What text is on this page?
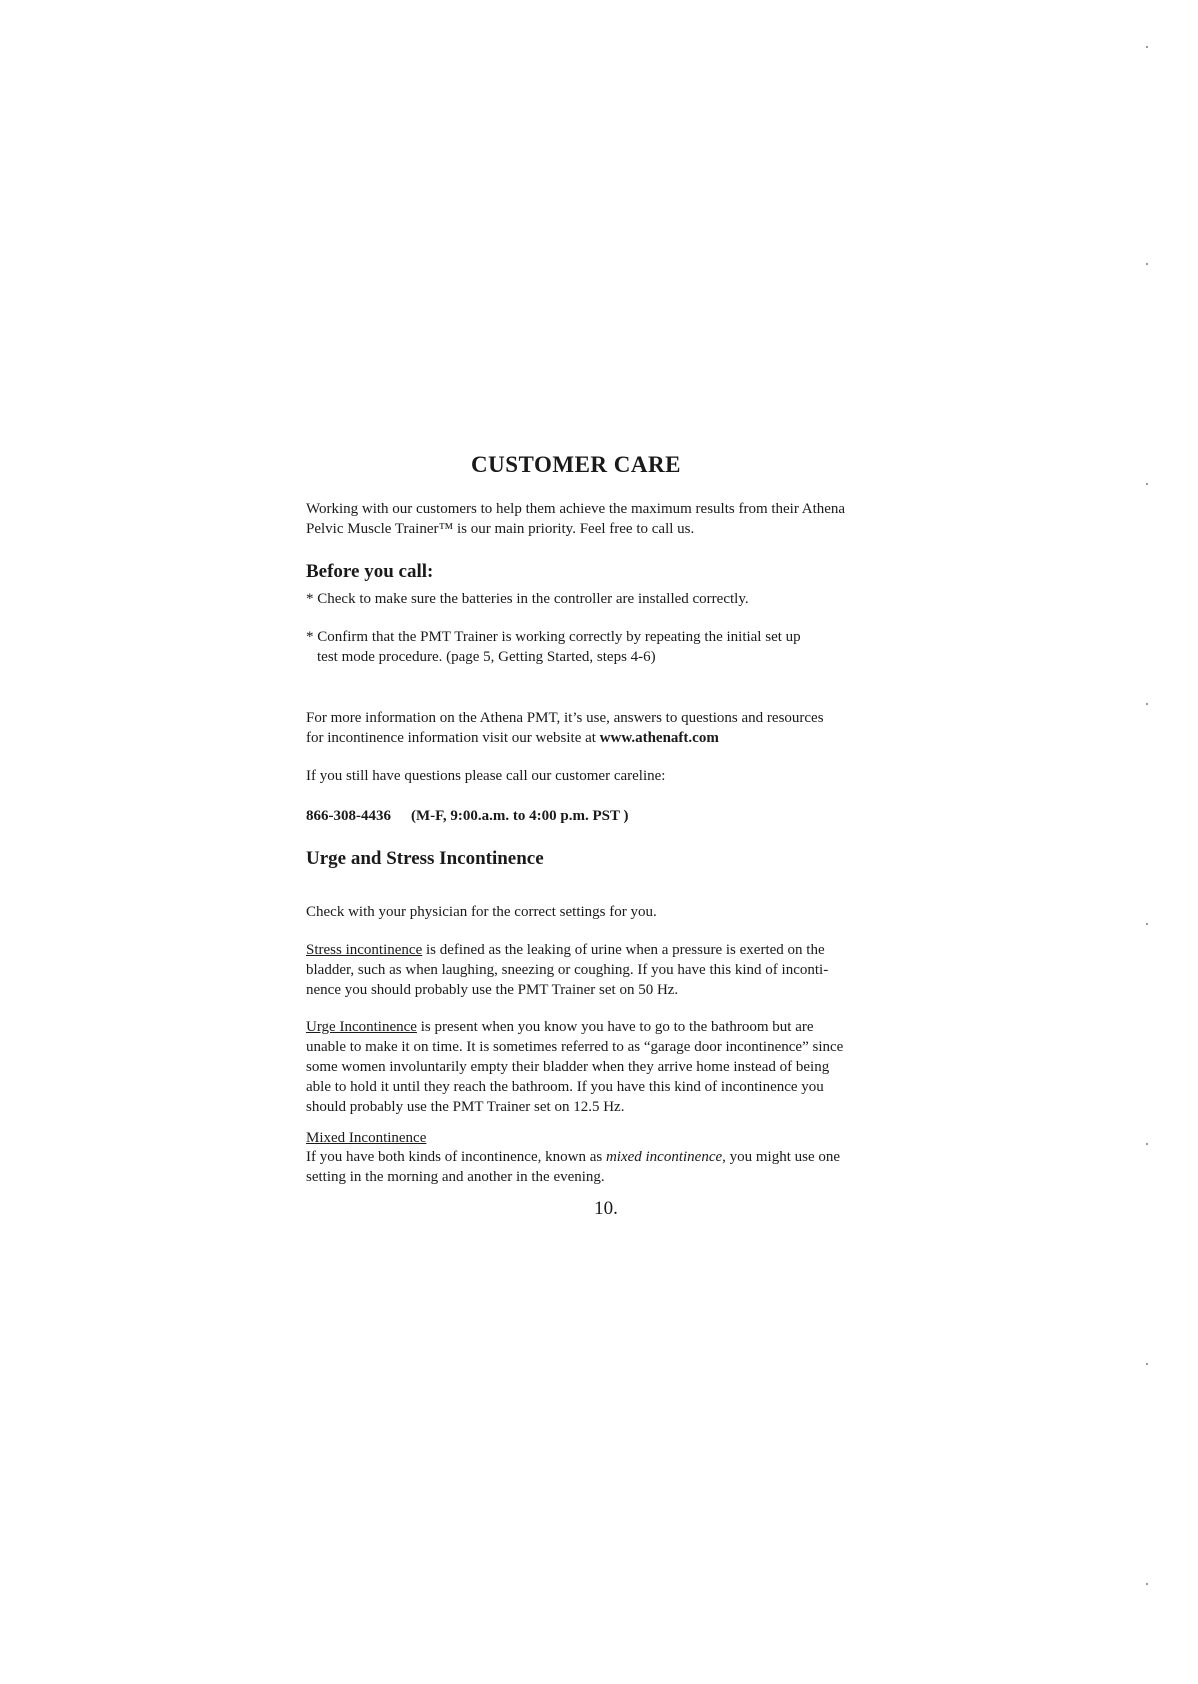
CUSTOMER CARE
Working with our customers to help them achieve the maximum results from their Athena
Pelvic Muscle Trainer™ is our main priority. Feel free to call us.
Before you call:
* Check to make sure the batteries in the controller are installed correctly.
* Confirm that the PMT Trainer is working correctly by repeating the initial set up
test mode procedure. (page 5, Getting Started, steps 4-6)
For more information on the Athena PMT, it’s use, answers to questions and resources
for incontinence information visit our website at www.athenaft.com
If you still have questions please call our customer careline:
866-308-4436 (M-F, 9:00.a.m. to 4:00 p.m. PST )
Urge and Stress Incontinence
Check with your physician for the correct settings for you.
Stress incontinence is defined as the leaking of urine when a pressure is exerted on the
bladder, such as when laughing, sneezing or coughing. If you have this kind of inconti-
nence you should probably use the PMT Trainer set on 50 Hz.
Urge Incontinence is present when you know you have to go to the bathroom but are
unable to make it on time. It is sometimes referred to as “garage door incontinence” since
some women involuntarily empty their bladder when they arrive home instead of being
able to hold it until they reach the bathroom. If you have this kind of incontinence you
should probably use the PMT Trainer set on 12.5 Hz.
Mixed Incontinence
If you have both kinds of incontinence, known as mixed incontinence, you might use one
setting in the morning and another in the evening.
10.
